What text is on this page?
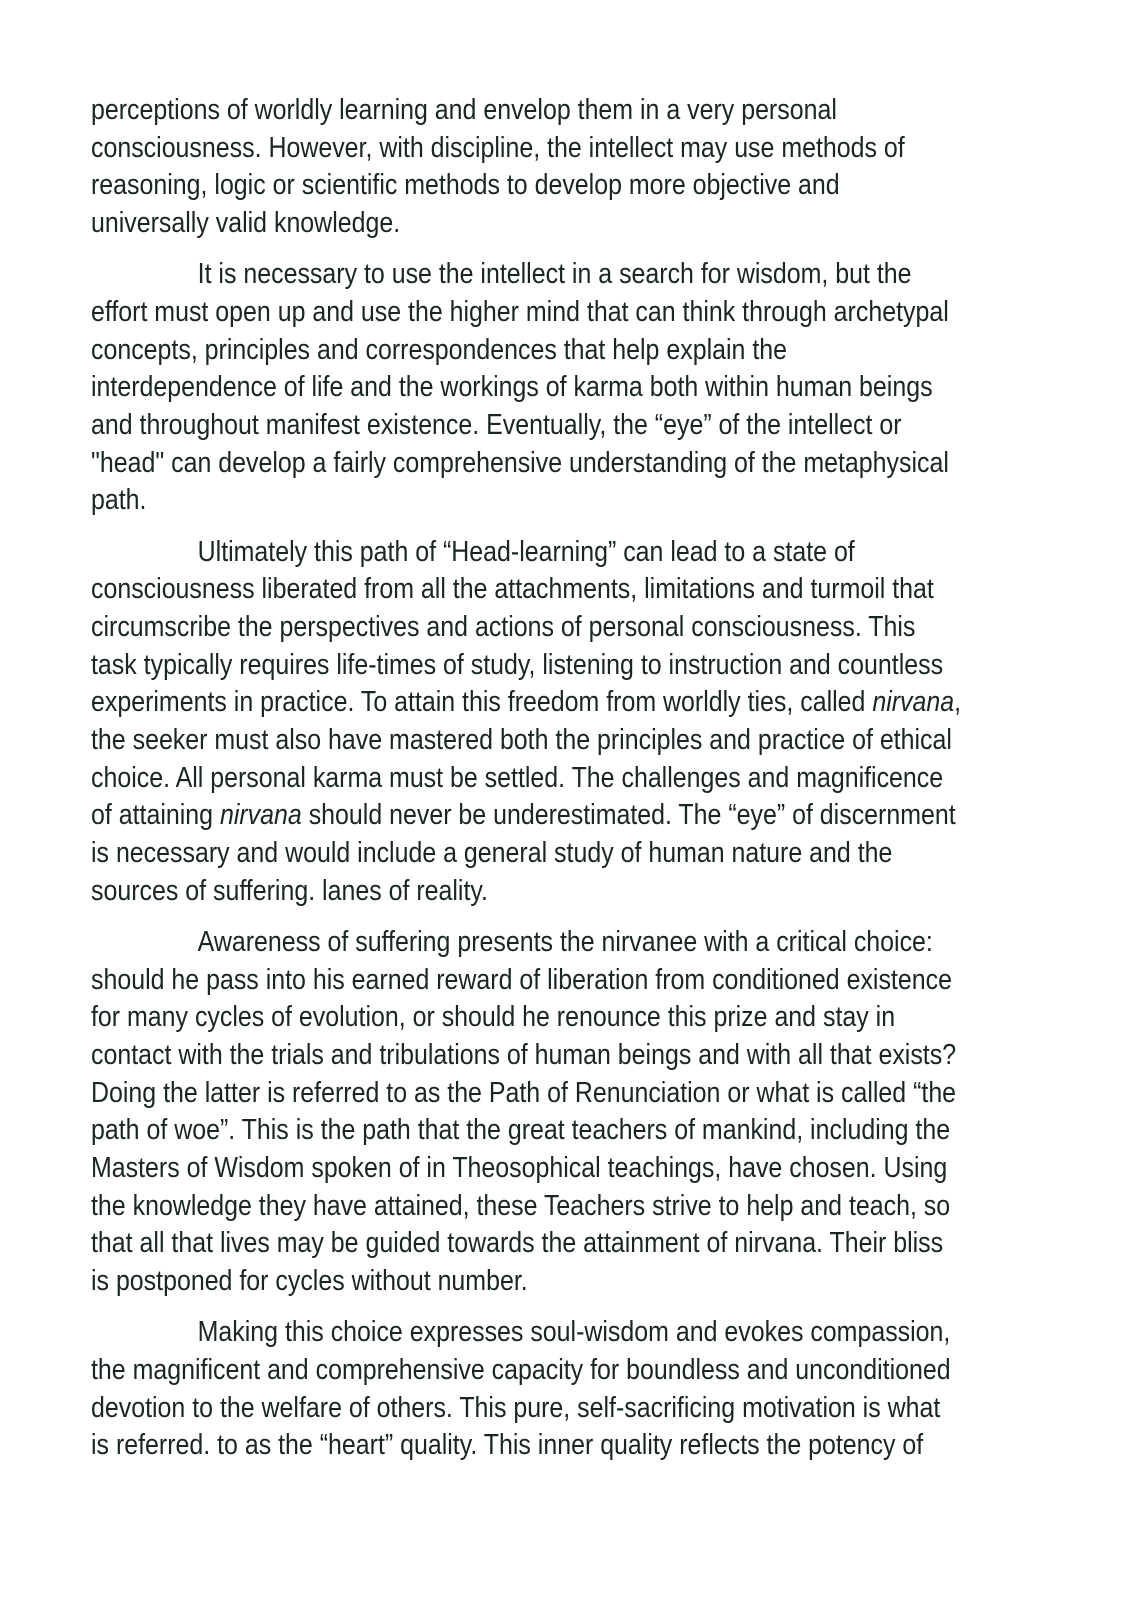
perceptions of worldly learning and envelop them in a very personal
consciousness. However, with discipline, the intellect may use methods of
reasoning, logic or scientific methods to develop more objective and
universally valid knowledge.
It is necessary to use the intellect in a search for wisdom, but the
effort must open up and use the higher mind that can think through archetypal
concepts, principles and correspondences that help explain the
interdependence of life and the workings of karma both within human beings
and throughout manifest existence. Eventually, the “eye” of the intellect or
"head" can develop a fairly comprehensive understanding of the metaphysical
path.
Ultimately this path of “Head-learning” can lead to a state of
consciousness liberated from all the attachments, limitations and turmoil that
circumscribe the perspectives and actions of personal consciousness. This
task typically requires life-times of study, listening to instruction and countless
experiments in practice. To attain this freedom from worldly ties, called nirvana,
the seeker must also have mastered both the principles and practice of ethical
choice. All personal karma must be settled. The challenges and magnificence
of attaining nirvana should never be underestimated. The “eye” of discernment
is necessary and would include a general study of human nature and the
sources of suffering. lanes of reality.
Awareness of suffering presents the nirvanee with a critical choice:
should he pass into his earned reward of liberation from conditioned existence
for many cycles of evolution, or should he renounce this prize and stay in
contact with the trials and tribulations of human beings and with all that exists?
Doing the latter is referred to as the Path of Renunciation or what is called “the
path of woe”. This is the path that the great teachers of mankind, including the
Masters of Wisdom spoken of in Theosophical teachings, have chosen. Using
the knowledge they have attained, these Teachers strive to help and teach, so
that all that lives may be guided towards the attainment of nirvana. Their bliss
is postponed for cycles without number.
Making this choice expresses soul-wisdom and evokes compassion,
the magnificent and comprehensive capacity for boundless and unconditioned
devotion to the welfare of others. This pure, self-sacrificing motivation is what
is referred. to as the “heart” quality. This inner quality reflects the potency of
